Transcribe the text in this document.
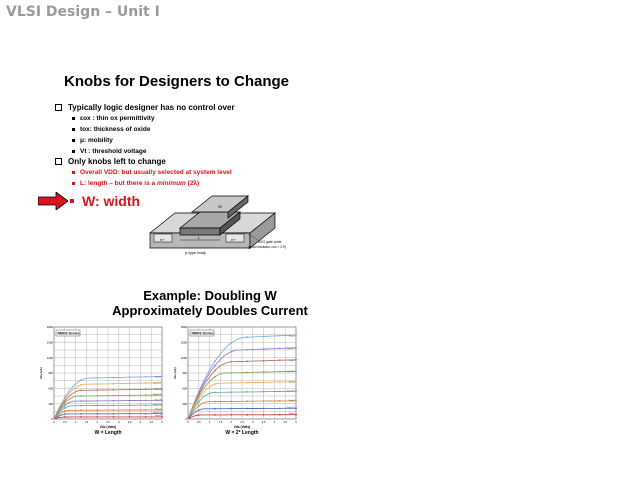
VLSI Design – Unit I
Knobs for Designers to Change
Typically logic designer has no control over
εox : thin ox permittivity
tox: thickness of oxide
μ: mobility
Vt : threshold voltage
Only knobs left to change
Overall VDD: but usually selected at system level
L: length – but there is a minimum (2λ)
W: width	W
L
n+	n+
p-type body
SiO2 gate oxide
(good insulator, εox = 3.9)
Example: Doubling W
Approximately Doubles Current
1800
1500
1200
900
600
300
0
0	0.5	1	1.5	2	2.5	3	3.5	4	4.5	5
Vgs=5
Vgs=4.5
Vgs=4
Vgs=3.5
Vgs=3
Vgs=2.5
Vgs=2
Vgs=1.5
Vgs=1
NMOS Device
Ids (uA)
Vds (Volts)
W = Length
1800
1500
1200
900
600
300
0
0	0.5	1	1.5	2	2.5	3	3.5	4	4.5	5
Vgs=5
Vgs=4.5
Vgs=4
Vgs=3.5
Vgs=3
Vgs=2.5
Vgs=2
Vgs=1.5
Vgs=1
NMOS Device
Ids (uA)
Vds (Volts)
W = 2* Length
